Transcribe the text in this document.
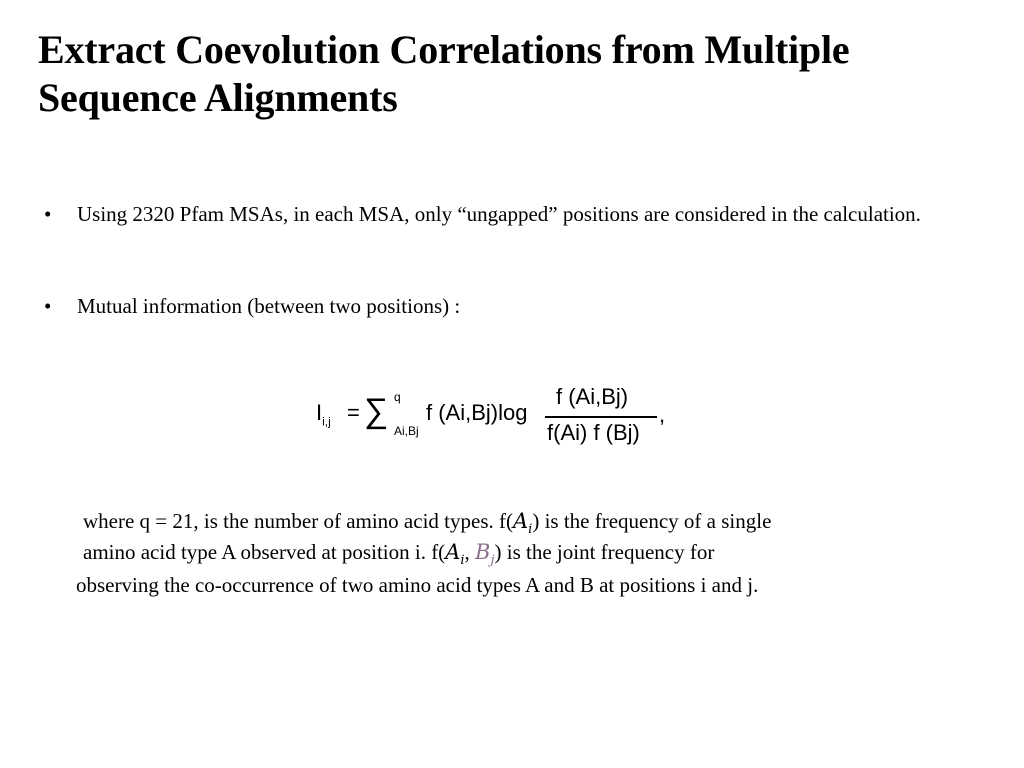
Extract Coevolution Correlations from Multiple Sequence Alignments
• Using 2320 Pfam MSAs, in each MSA, only “ungapped” positions are considered in the calculation.
• Mutual information (between two positions) :
$I_{i,j}$ = ∑ q
Ai,Bj
f (Ai,Bj)log
f (Ai,Bj)
f(Ai) f (Bj)
,
where q = 21, is the number of amino acid types. $f(A_i)$ is the frequency of a single
amino acid type A observed at position i. $f(A_i$, $B_j$) is the joint frequency for
observing the co-occurrence of two amino acid types A and B at positions i and j.
